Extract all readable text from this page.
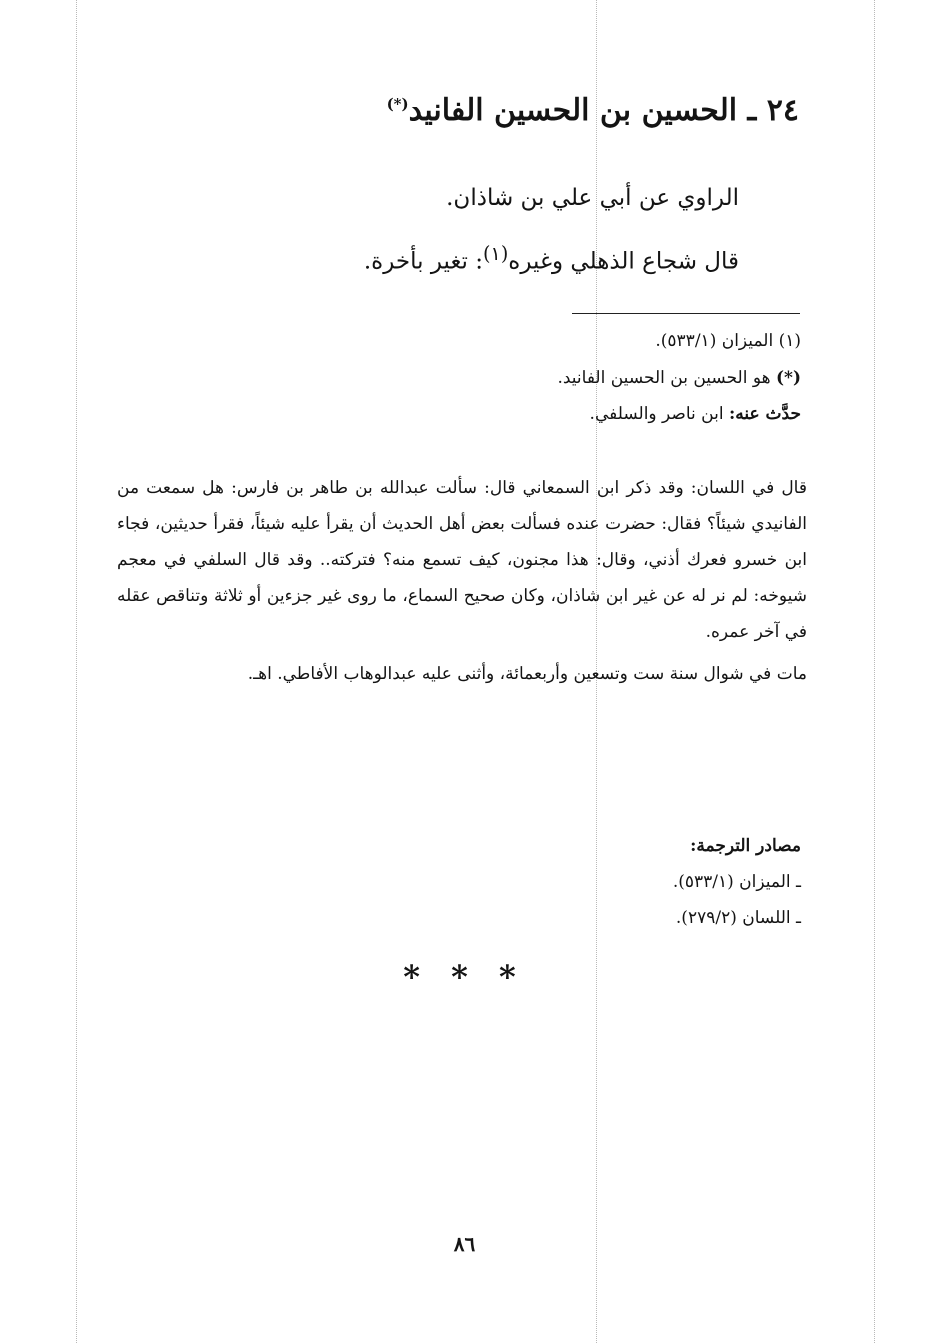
٢٤ ـ الحسين بن الحسين الفانيد(*)

الراوي عن أبي علي بن شاذان.

قال شجاع الذهلي وغيره$^{(١)}$: تغير بأخرة.

(١) الميزان (٥٣٣/١).

(*) هو الحسين بن الحسين الفانيد.

حدَّث عنه: ابن ناصر والسلفي.

قال في اللسان: وقد ذكر ابن السمعاني قال: سألت عبدالله بن طاهر بن فارس: هل سمعت من الفانيدي شيئاً؟ فقال: حضرت عنده فسألت بعض أهل الحديث أن يقرأ عليه شيئاً، فقرأ حديثين، فجاء ابن خسرو فعرك أذني، وقال: هذا مجنون، كيف تسمع منه؟ فتركته.. وقد قال السلفي في معجم شيوخه: لم نر له عن غير ابن شاذان، وكان صحيح السماع، ما روى غير جزءين أو ثلاثة وتناقص عقله في آخر عمره.

مات في شوال سنة ست وتسعين وأربعمائة، وأثنى عليه عبدالوهاب الأفاطي. اهـ.

مصادر الترجمة:

ـ الميزان (٥٣٣/١).

ـ اللسان (٢٧٩/٢).

* * *
٨٦
